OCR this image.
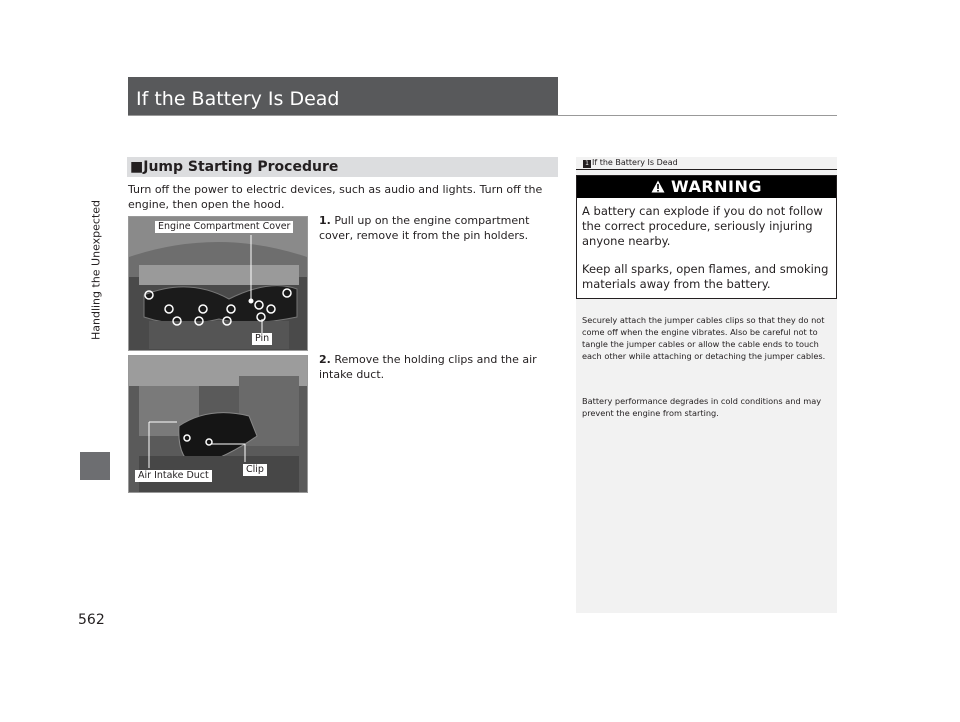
Handling the Unexpected
562
If the Battery Is Dead
■Jump Starting Procedure
Turn off the power to electric devices, such as audio and lights. Turn off the engine, then open the hood.
Engine Compartment Cover
Pin
1. Pull up on the engine compartment cover, remove it from the pin holders.
Clip
Air Intake Duct
2. Remove the holding clips and the air intake duct.
1 If the Battery Is Dead
WARNING
A battery can explode if you do not follow the correct procedure, seriously injuring anyone nearby.
Keep all sparks, open flames, and smoking materials away from the battery.
Securely attach the jumper cables clips so that they do not come off when the engine vibrates. Also be careful not to tangle the jumper cables or allow the cable ends to touch each other while attaching or detaching the jumper cables.
Battery performance degrades in cold conditions and may prevent the engine from starting.
